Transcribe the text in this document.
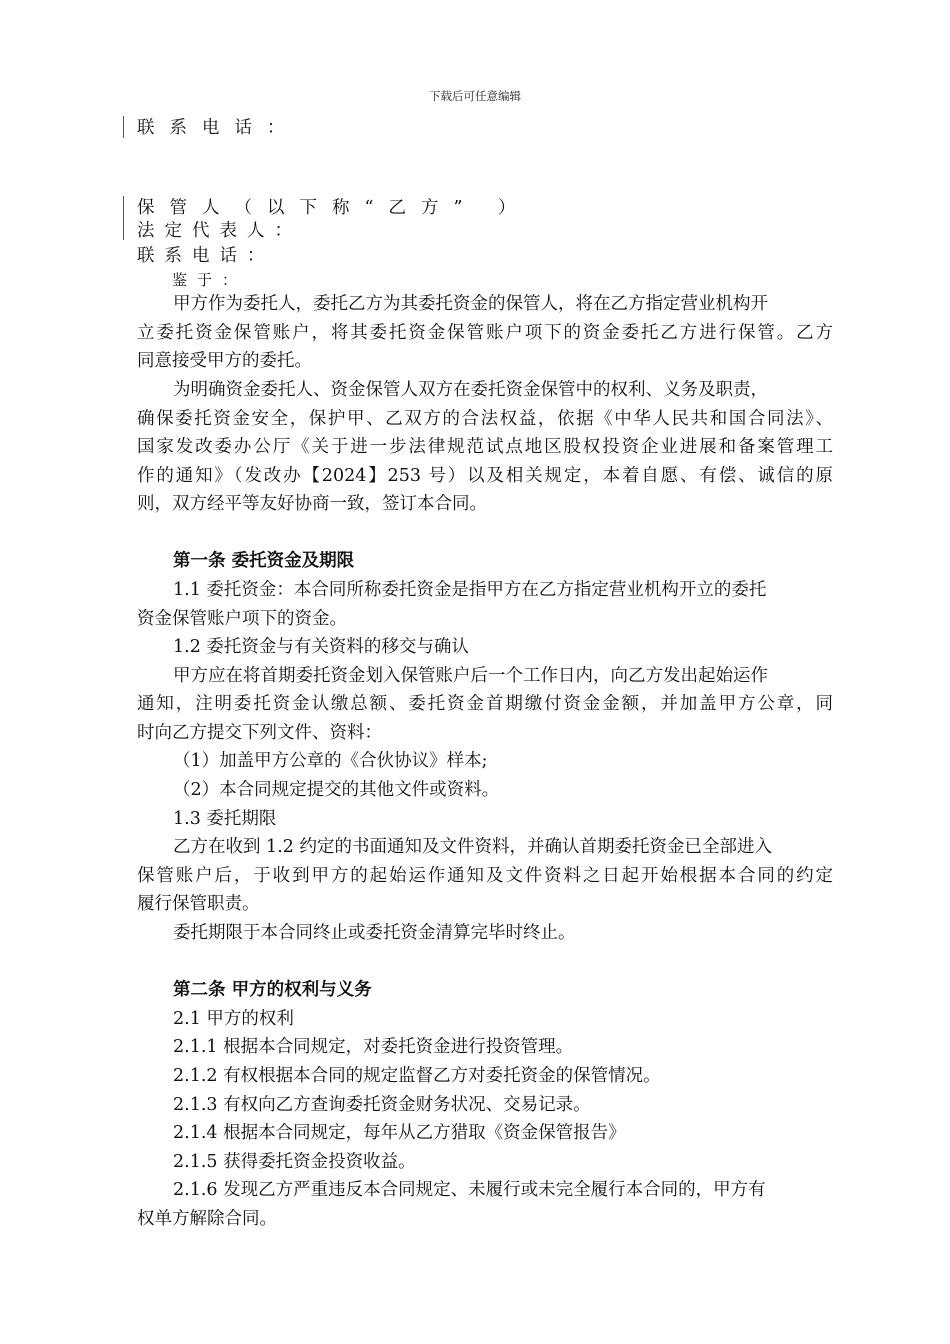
下载后可任意编辑
联系电话：
保管人（以下称“乙方” ）
法定代表人：
联系电话：
鉴于：
甲方作为委托人，委托乙方为其委托资金的保管人，将在乙方指定营业机构开
立委托资金保管账户，将其委托资金保管账户项下的资金委托乙方进行保管。乙方
同意接受甲方的委托。
为明确资金委托人、资金保管人双方在委托资金保管中的权利、义务及职责，
确保委托资金安全，保护甲、乙双方的合法权益，依据《中华人民共和国合同法》、
国家发改委办公厅《关于进一步法律规范试点地区股权投资企业进展和备案管理工
作的通知》（发改办【2024】253 号）以及相关规定，本着自愿、有偿、诚信的原
则，双方经平等友好协商一致，签订本合同。
第一条 委托资金及期限
1.1 委托资金：本合同所称委托资金是指甲方在乙方指定营业机构开立的委托
资金保管账户项下的资金。
1.2 委托资金与有关资料的移交与确认
甲方应在将首期委托资金划入保管账户后一个工作日内，向乙方发出起始运作
通知，注明委托资金认缴总额、委托资金首期缴付资金金额，并加盖甲方公章，同
时向乙方提交下列文件、资料：
（1）加盖甲方公章的《合伙协议》样本;
（2）本合同规定提交的其他文件或资料。
1.3 委托期限
乙方在收到 1.2 约定的书面通知及文件资料，并确认首期委托资金已全部进入
保管账户后，于收到甲方的起始运作通知及文件资料之日起开始根据本合同的约定
履行保管职责。
委托期限于本合同终止或委托资金清算完毕时终止。
第二条 甲方的权利与义务
2.1 甲方的权利
2.1.1 根据本合同规定，对委托资金进行投资管理。
2.1.2 有权根据本合同的规定监督乙方对委托资金的保管情况。
2.1.3 有权向乙方查询委托资金财务状况、交易记录。
2.1.4 根据本合同规定，每年从乙方猎取《资金保管报告》
2.1.5 获得委托资金投资收益。
2.1.6 发现乙方严重违反本合同规定、未履行或未完全履行本合同的，甲方有
权单方解除合同。
